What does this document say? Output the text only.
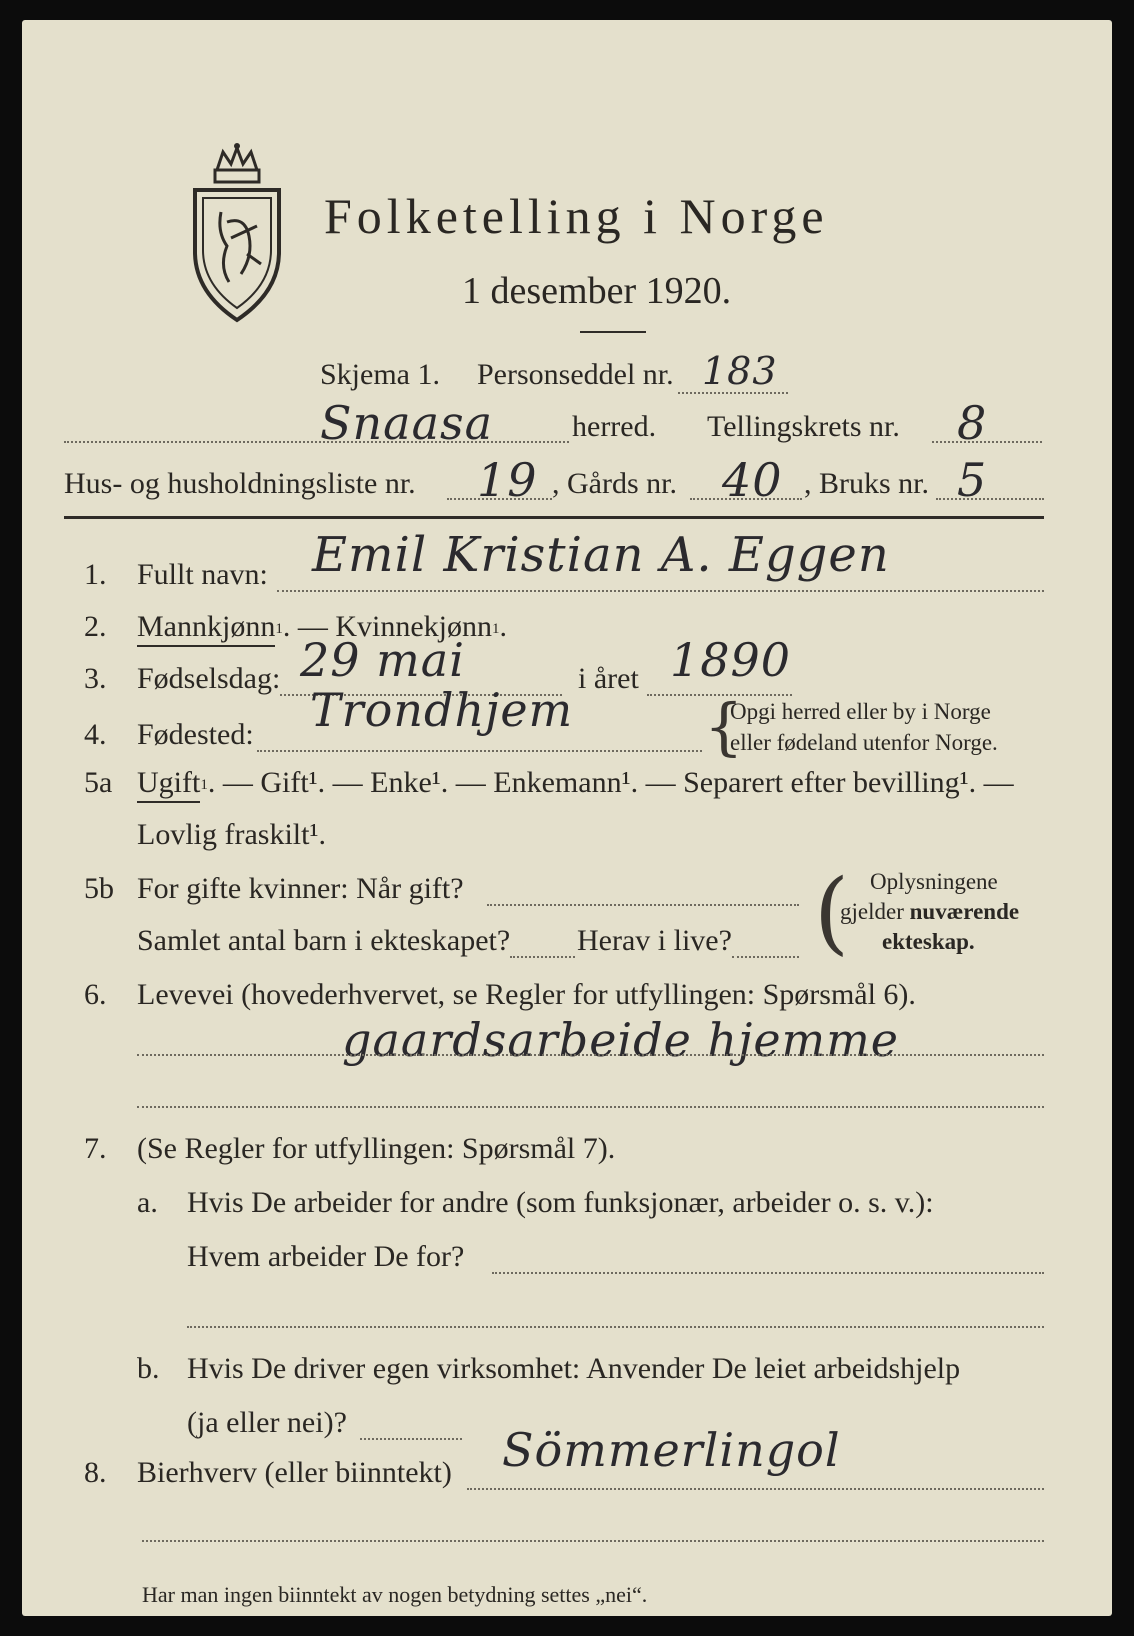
Folketelling i Norge
1 desember 1920.
Skjema 1. Personseddel nr. 183
Snaasa	herred. Tellingskrets nr. 8
Hus- og husholdningsliste nr. 19 , Gårds nr. 40 , Bruks nr. 5
1. Fullt navn: Emil Kristian A. Eggen
2. Mannkjønn$^1$. — Kvinnekjønn$^1$.
3. Fødselsdag: 29 mai	i året 1890
4. Fødested: Trondhjem {
Opgi herred eller by i Norge
eller fødeland utenfor Norge.
5a Ugift$^1$. — Gift¹. — Enke¹. — Enkemann¹. — Separert efter bevilling¹. —
Lovlig fraskilt¹.
5b For gifte kvinner: Når gift?
Samlet antal barn i ekteskapet? Herav i live? ( Oplysningene
gjelder nuværende
ekteskap.
6. Levevei (hovederhvervet, se Regler for utfyllingen: Spørsmål 6).
gaardsarbeide hjemme
7. (Se Regler for utfyllingen: Spørsmål 7).
a. Hvis De arbeider for andre (som funksjonær, arbeider o. s. v.):
Hvem arbeider De for?
b. Hvis De driver egen virksomhet: Anvender De leiet arbeidshjelp
(ja eller nei)?
8. Bierhverv (eller biinntekt) Sömmerlingol
Har man ingen biinntekt av nogen betydning settes „nei“.
